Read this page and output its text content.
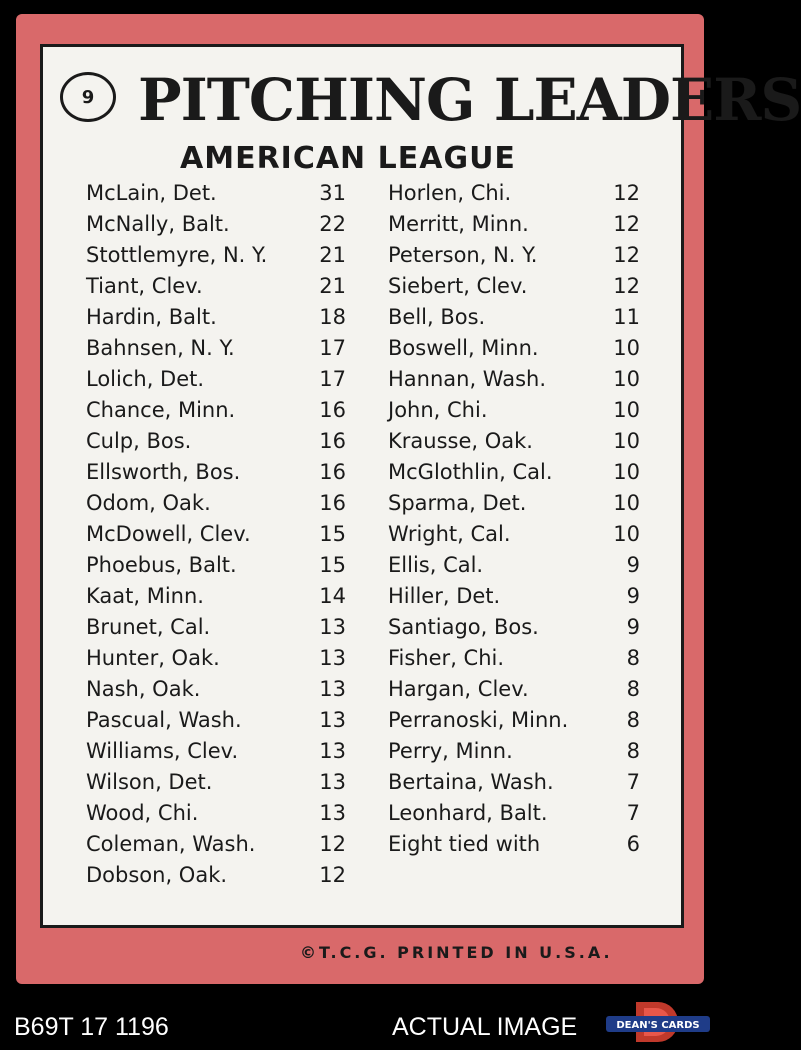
9 PITCHING LEADERS
AMERICAN LEAGUE
McLain, Det.	31
McNally, Balt.	22
Stottlemyre, N. Y. 21
Tiant, Clev.	21
Hardin, Balt.	18
Bahnsen, N. Y.	17
Lolich, Det.	17
Chance, Minn.	16
Culp, Bos.	16
Ellsworth, Bos.	16
Odom, Oak.	16
McDowell, Clev.	15
Phoebus, Balt.	15
Kaat, Minn.	14
Brunet, Cal.	13
Hunter, Oak.	13
Nash, Oak.	13
Pascual, Wash.	13
Williams, Clev.	13
Wilson, Det.	13
Wood, Chi.	13
Coleman, Wash.	12
Dobson, Oak.	12
Horlen, Chi.	12
Merritt, Minn.	12
Peterson, N. Y.	12
Siebert, Clev.	12
Bell, Bos.	11
Boswell, Minn.	10
Hannan, Wash.	10
John, Chi.	10
Krausse, Oak.	10
McGlothlin, Cal.	10
Sparma, Det.	10
Wright, Cal.	10
Ellis, Cal.	9
Hiller, Det.	9
Santiago, Bos.	9
Fisher, Chi.	8
Hargan, Clev.	8
Perranoski, Minn.	8
Perry, Minn.	8
Bertaina, Wash.	7
Leonhard, Balt.	7
Eight tied with	6
©T.C.G. PRINTED IN U.S.A.
B69T 17 1196	ACTUAL IMAGE	DEAN'S CARDS
